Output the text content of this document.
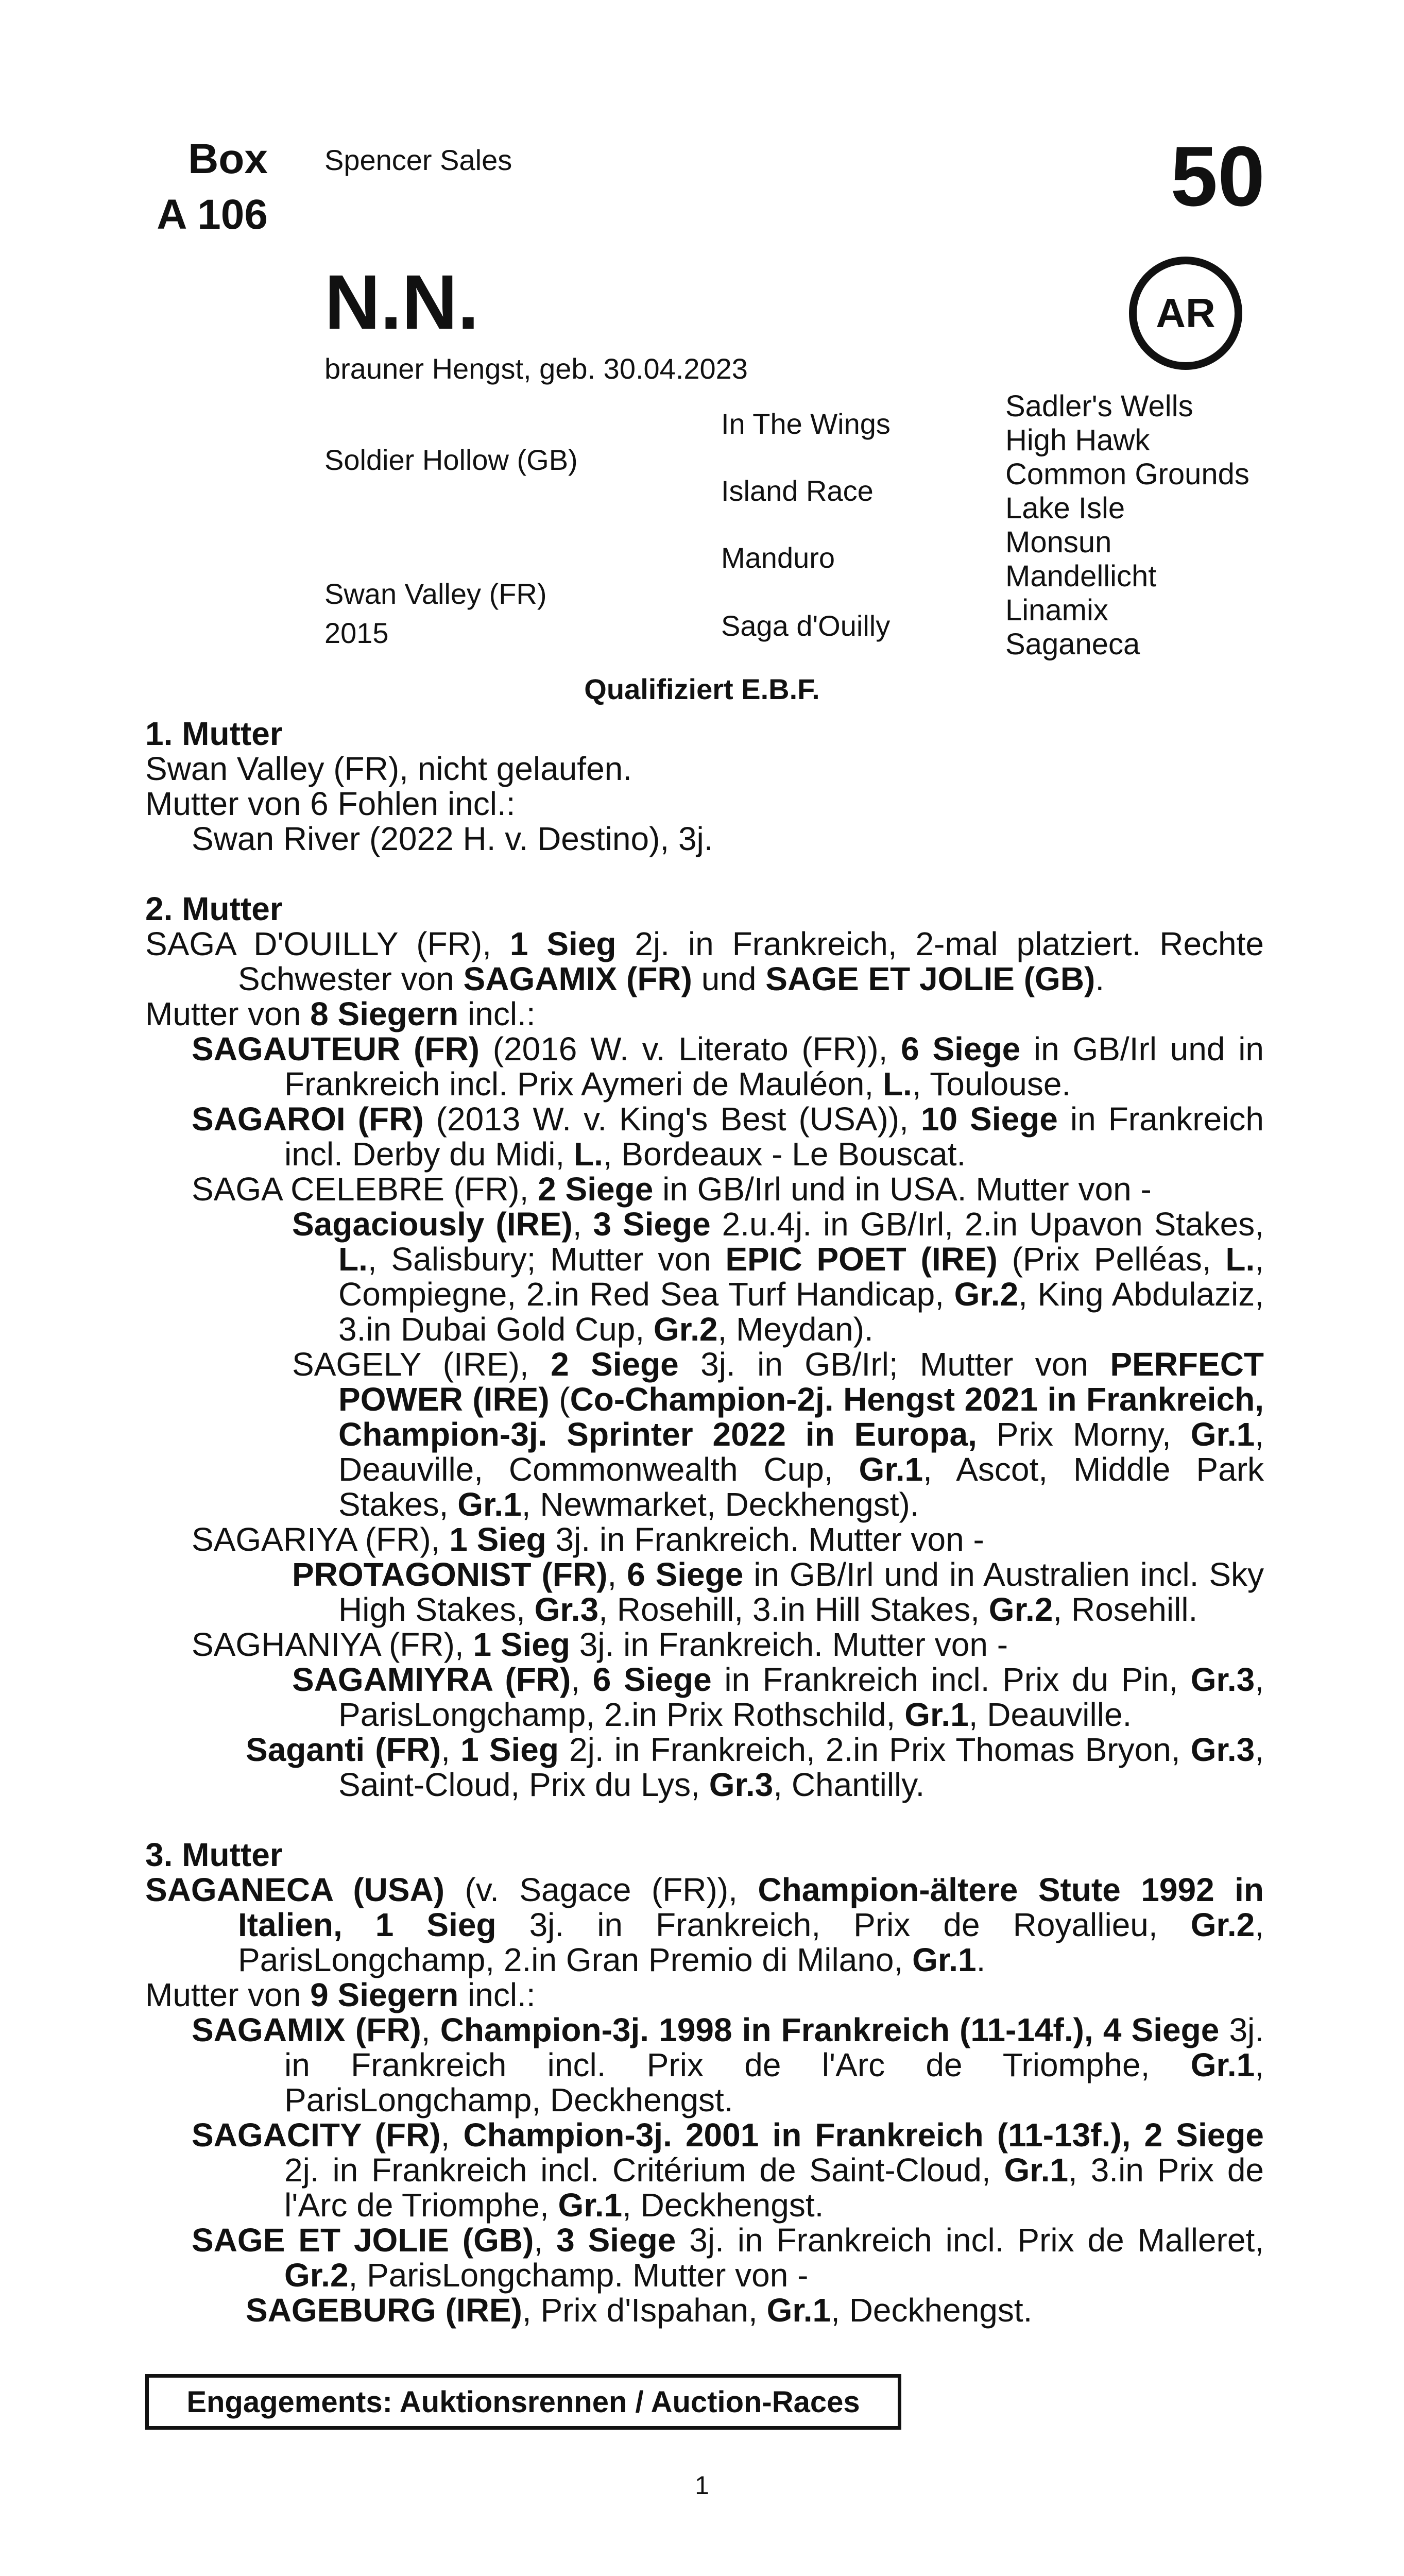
Box
A 106
Spencer Sales	50
N.N.	AR
brauner Hengst, geb. 30.04.2023
Soldier Hollow (GB)
Swan Valley (FR)
2015
In The Wings
Island Race
Manduro
Saga d'Ouilly
Sadler's Wells
High Hawk
Common Grounds
Lake Isle
Monsun
Mandellicht
Linamix
Saganeca
Qualifiziert E.B.F.
1. Mutter
Swan Valley (FR), nicht gelaufen.
Mutter von 6 Fohlen incl.:
Swan River (2022 H. v. Destino), 3j.
2. Mutter
SAGA D'OUILLY (FR), 1 Sieg 2j. in Frankreich, 2-mal platziert. Rechte Schwester von SAGAMIX (FR) und SAGE ET JOLIE (GB).
Mutter von 8 Siegern incl.:
SAGAUTEUR (FR) (2016 W. v. Literato (FR)), 6 Siege in GB/Irl und in Frankreich incl. Prix Aymeri de Mauléon, L., Toulouse.
SAGAROI (FR) (2013 W. v. King's Best (USA)), 10 Siege in Frankreich incl. Derby du Midi, L., Bordeaux - Le Bouscat.
SAGA CELEBRE (FR), 2 Siege in GB/Irl und in USA. Mutter von -
Sagaciously (IRE), 3 Siege 2.u.4j. in GB/Irl, 2.in Upavon Stakes, L., Salisbury; Mutter von EPIC POET (IRE) (Prix Pelléas, L., Compiegne, 2.in Red Sea Turf Handicap, Gr.2, King Abdulaziz, 3.in Dubai Gold Cup, Gr.2, Meydan).
SAGELY (IRE), 2 Siege 3j. in GB/Irl; Mutter von PERFECT POWER (IRE) (Co-Champion-2j. Hengst 2021 in Frankreich, Champion-3j. Sprinter 2022 in Europa, Prix Morny, Gr.1, Deauville, Commonwealth Cup, Gr.1, Ascot, Middle Park Stakes, Gr.1, Newmarket, Deckhengst).
SAGARIYA (FR), 1 Sieg 3j. in Frankreich. Mutter von -
PROTAGONIST (FR), 6 Siege in GB/Irl und in Australien incl. Sky High Stakes, Gr.3, Rosehill, 3.in Hill Stakes, Gr.2, Rosehill.
SAGHANIYA (FR), 1 Sieg 3j. in Frankreich. Mutter von -
SAGAMIYRA (FR), 6 Siege in Frankreich incl. Prix du Pin, Gr.3, ParisLongchamp, 2.in Prix Rothschild, Gr.1, Deauville.
Saganti (FR), 1 Sieg 2j. in Frankreich, 2.in Prix Thomas Bryon, Gr.3, Saint-Cloud, Prix du Lys, Gr.3, Chantilly.
3. Mutter
SAGANECA (USA) (v. Sagace (FR)), Champion-ältere Stute 1992 in Italien, 1 Sieg 3j. in Frankreich, Prix de Royallieu, Gr.2, ParisLongchamp, 2.in Gran Premio di Milano, Gr.1.
Mutter von 9 Siegern incl.:
SAGAMIX (FR), Champion-3j. 1998 in Frankreich (11-14f.), 4 Siege 3j. in Frankreich incl. Prix de l'Arc de Triomphe, Gr.1, ParisLongchamp, Deckhengst.
SAGACITY (FR), Champion-3j. 2001 in Frankreich (11-13f.), 2 Siege 2j. in Frankreich incl. Critérium de Saint-Cloud, Gr.1, 3.in Prix de l'Arc de Triomphe, Gr.1, Deckhengst.
SAGE ET JOLIE (GB), 3 Siege 3j. in Frankreich incl. Prix de Malleret, Gr.2, ParisLongchamp. Mutter von -
SAGEBURG (IRE), Prix d'Ispahan, Gr.1, Deckhengst.
Engagements: Auktionsrennen / Auction-Races
1
